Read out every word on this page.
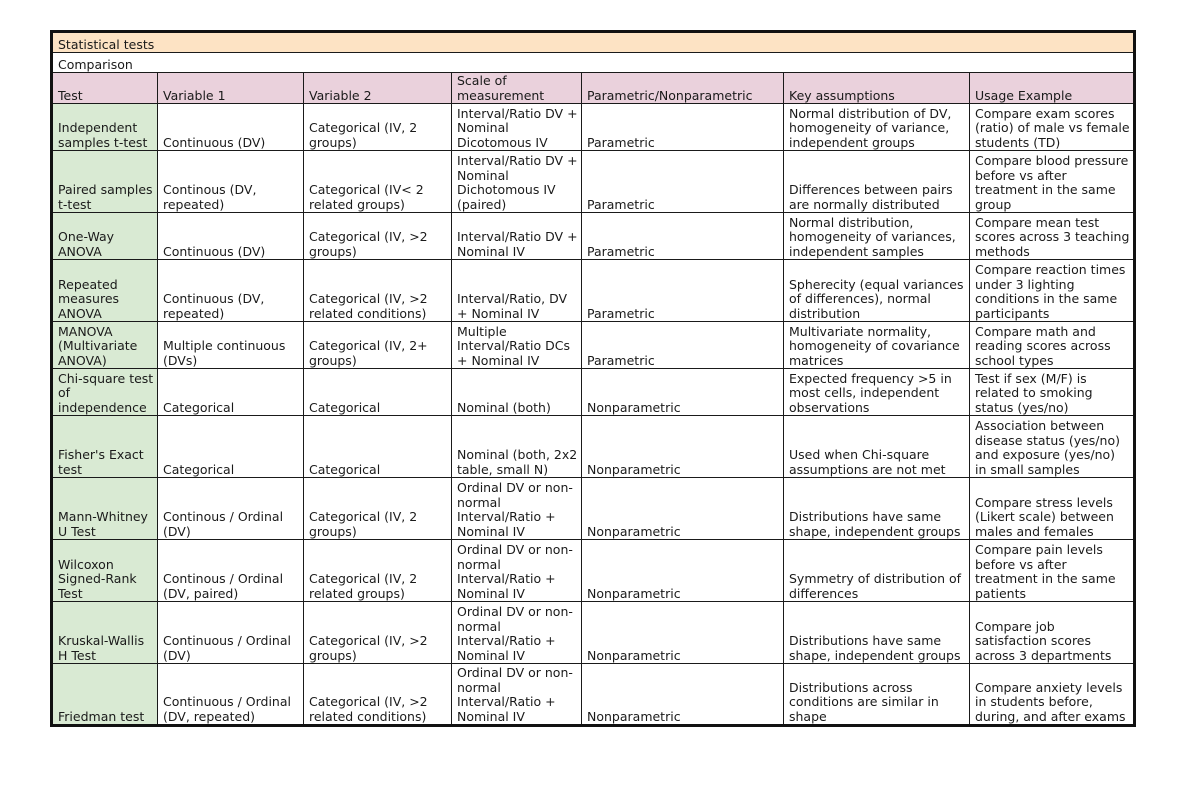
Statistical tests						
Comparison						
Test	Variable 1	Variable 2	Scale of measurement	Parametric/Nonparametric	Key assumptions	Usage Example
Independent samples t-test	Continuous (DV)	Categorical (IV, 2 groups)	Interval/Ratio DV + Nominal Dicotomous IV	Parametric	Normal distribution of DV, homogeneity of variance, independent groups	Compare exam scores (ratio) of male vs female students (TD)
Paired samples t-test	Continous (DV, repeated)	Categorical (IV< 2 related groups)	Interval/Ratio DV + Nominal Dichotomous IV (paired)	Parametric	Differences between pairs are normally distributed	Compare blood pressure before vs after treatment in the same group
One-Way ANOVA	Continuous (DV)	Categorical (IV, >2 groups)	Interval/Ratio DV + Nominal IV	Parametric	Normal distribution, homogeneity of variances, independent samples	Compare mean test scores across 3 teaching methods
Repeated measures ANOVA	Continuous (DV, repeated)	Categorical (IV, >2 related conditions)	Interval/Ratio, DV + Nominal IV	Parametric	Spherecity (equal variances of differences), normal distribution	Compare reaction times under 3 lighting conditions in the same participants
MANOVA (Multivariate ANOVA)	Multiple continuous (DVs)	Categorical (IV, 2+ groups)	Multiple Interval/Ratio DCs + Nominal IV	Parametric	Multivariate normality, homogeneity of covariance matrices	Compare math and reading scores across school types
Chi-square test of independence	Categorical	Categorical	Nominal (both)	Nonparametric	Expected frequency >5 in most cells, independent observations	Test if sex (M/F) is related to smoking status (yes/no)
Fisher's Exact test	Categorical	Categorical	Nominal (both, 2x2 table, small N)	Nonparametric	Used when Chi-square assumptions are not met	Association between disease status (yes/no) and exposure (yes/no) in small samples
Mann-Whitney U Test	Continous / Ordinal (DV)	Categorical (IV, 2 groups)	Ordinal DV or non-normal Interval/Ratio + Nominal IV	Nonparametric	Distributions have same shape, independent groups	Compare stress levels (Likert scale) between males and females
Wilcoxon Signed-Rank Test	Continous / Ordinal (DV, paired)	Categorical (IV, 2 related groups)	Ordinal DV or non-normal Interval/Ratio + Nominal IV	Nonparametric	Symmetry of distribution of differences	Compare pain levels before vs after treatment in the same patients
Kruskal-Wallis H Test	Continuous / Ordinal (DV)	Categorical (IV, >2 groups)	Ordinal DV or non-normal Interval/Ratio + Nominal IV	Nonparametric	Distributions have same shape, independent groups	Compare job satisfaction scores across 3 departments
Friedman test	Continuous / Ordinal (DV, repeated)	Categorical (IV, >2 related conditions)	Ordinal DV or non-normal Interval/Ratio + Nominal IV	Nonparametric	Distributions across conditions are similar in shape	Compare anxiety levels in students before, during, and after exams
